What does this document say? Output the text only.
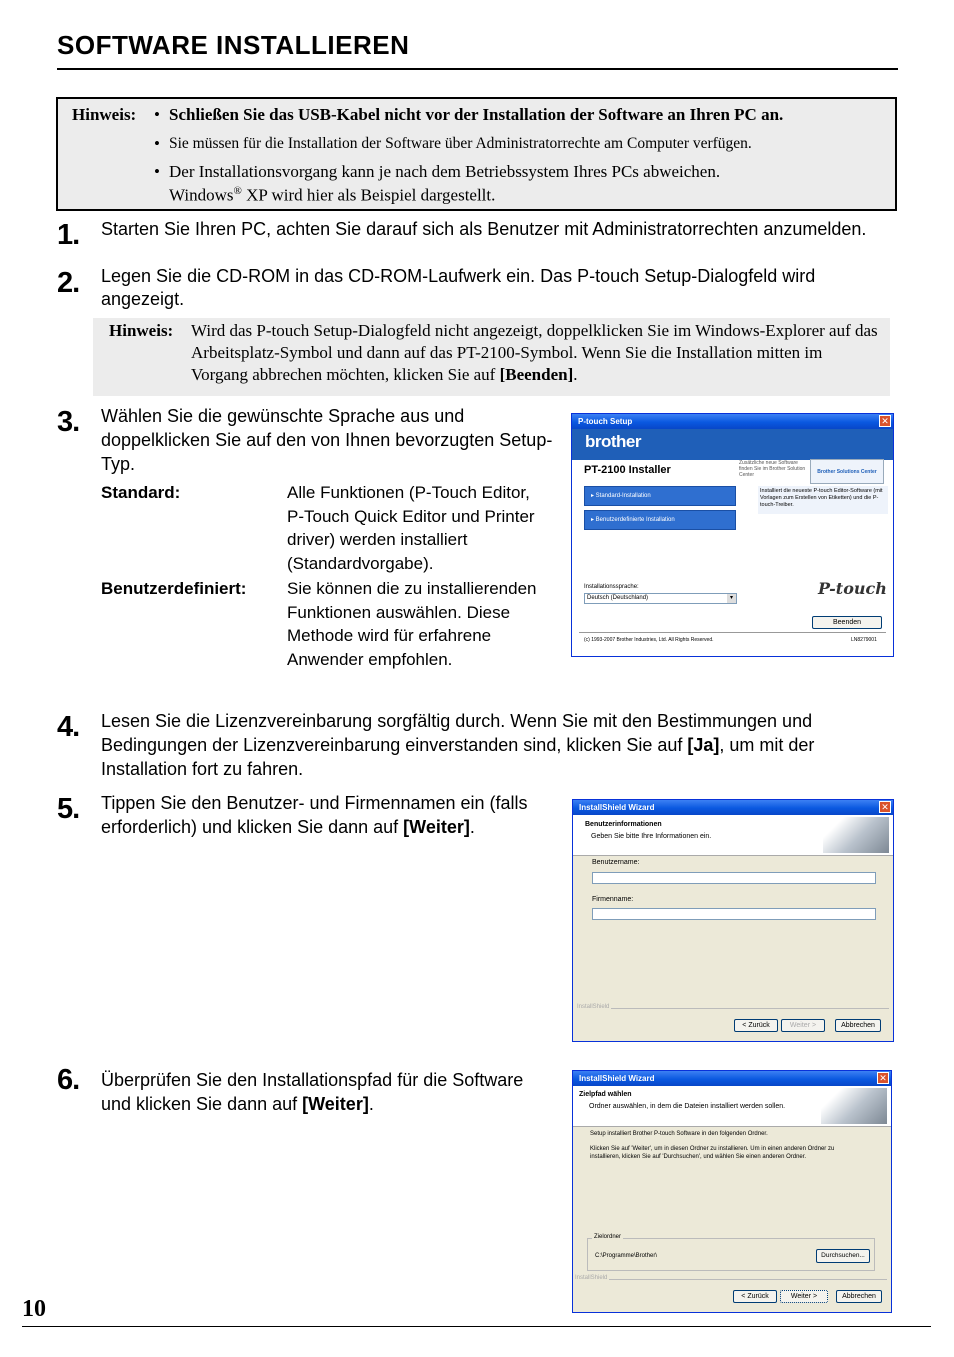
SOFTWARE INSTALLIEREN
Hinweis: • Schließen Sie das USB-Kabel nicht vor der Installation der Software an Ihren PC an.
• Sie müssen für die Installation der Software über Administratorrechte am Computer verfügen.
• Der Installationsvorgang kann je nach dem Betriebssystem Ihres PCs abweichen.
Windows® XP wird hier als Beispiel dargestellt.
1. Starten Sie Ihren PC, achten Sie darauf sich als Benutzer mit Administratorrechten anzumelden.
2. Legen Sie die CD-ROM in das CD-ROM-Laufwerk ein. Das P-touch Setup-Dialogfeld wird angezeigt.
Hinweis: Wird das P-touch Setup-Dialogfeld nicht angezeigt, doppelklicken Sie im Windows-Explorer auf das Arbeitsplatz-Symbol und dann auf das PT-2100-Symbol. Wenn Sie die Installation mitten im Vorgang abbrechen möchten, klicken Sie auf [Beenden].
3. Wählen Sie die gewünschte Sprache aus und doppelklicken Sie auf den von Ihnen bevorzugten Setup-Typ.
Standard:	Alle Funktionen (P-Touch Editor, P-Touch Quick Editor und Printer driver) werden installiert (Standardvorgabe).
Benutzerdefiniert: Sie können die zu installierenden Funktionen auswählen. Diese Methode wird für erfahrene Anwender empfohlen.
P-touch Setup	✕
brother
PT-2100 Installer
Zusätzliche neue Software finden Sie im Brother Solution Center	Brother Solutions Center
▸ Standard-Installation
▸ Benutzerdefinierte Installation
Installiert die neueste P-touch Editor-Software (mit Vorlagen zum Erstellen von Etiketten) und die P-touch-Treiber.
Installationssprache:
Deutsch (Deutschland)	▾	P-touch
Beenden
(c) 1993-2007 Brother Industries, Ltd. All Rights Reserved.	LN8279001
4. Lesen Sie die Lizenzvereinbarung sorgfältig durch. Wenn Sie mit den Bestimmungen und Bedingungen der Lizenzvereinbarung einverstanden sind, klicken Sie auf [Ja], um mit der Installation fort zu fahren.
5. Tippen Sie den Benutzer- und Firmennamen ein (falls erforderlich) und klicken Sie dann auf [Weiter].
InstallShield Wizard	✕
Benutzerinformationen
Geben Sie bitte Ihre Informationen ein.
Benutzername:
Firmenname:
InstallShield
< Zurück	Weiter >	Abbrechen
6. Überprüfen Sie den Installationspfad für die Software und klicken Sie dann auf [Weiter].
InstallShield Wizard	✕
Zielpfad wählen
Ordner auswählen, in dem die Dateien installiert werden sollen.
Setup installiert Brother P-touch Software in den folgenden Ordner.
Klicken Sie auf 'Weiter', um in diesen Ordner zu installieren. Um in einen anderen Ordner zu installieren, klicken Sie auf 'Durchsuchen', und wählen Sie einen anderen Ordner.
Zielordner
C:\Programme\Brother\	Durchsuchen...
InstallShield
< Zurück	Weiter >	Abbrechen
10
